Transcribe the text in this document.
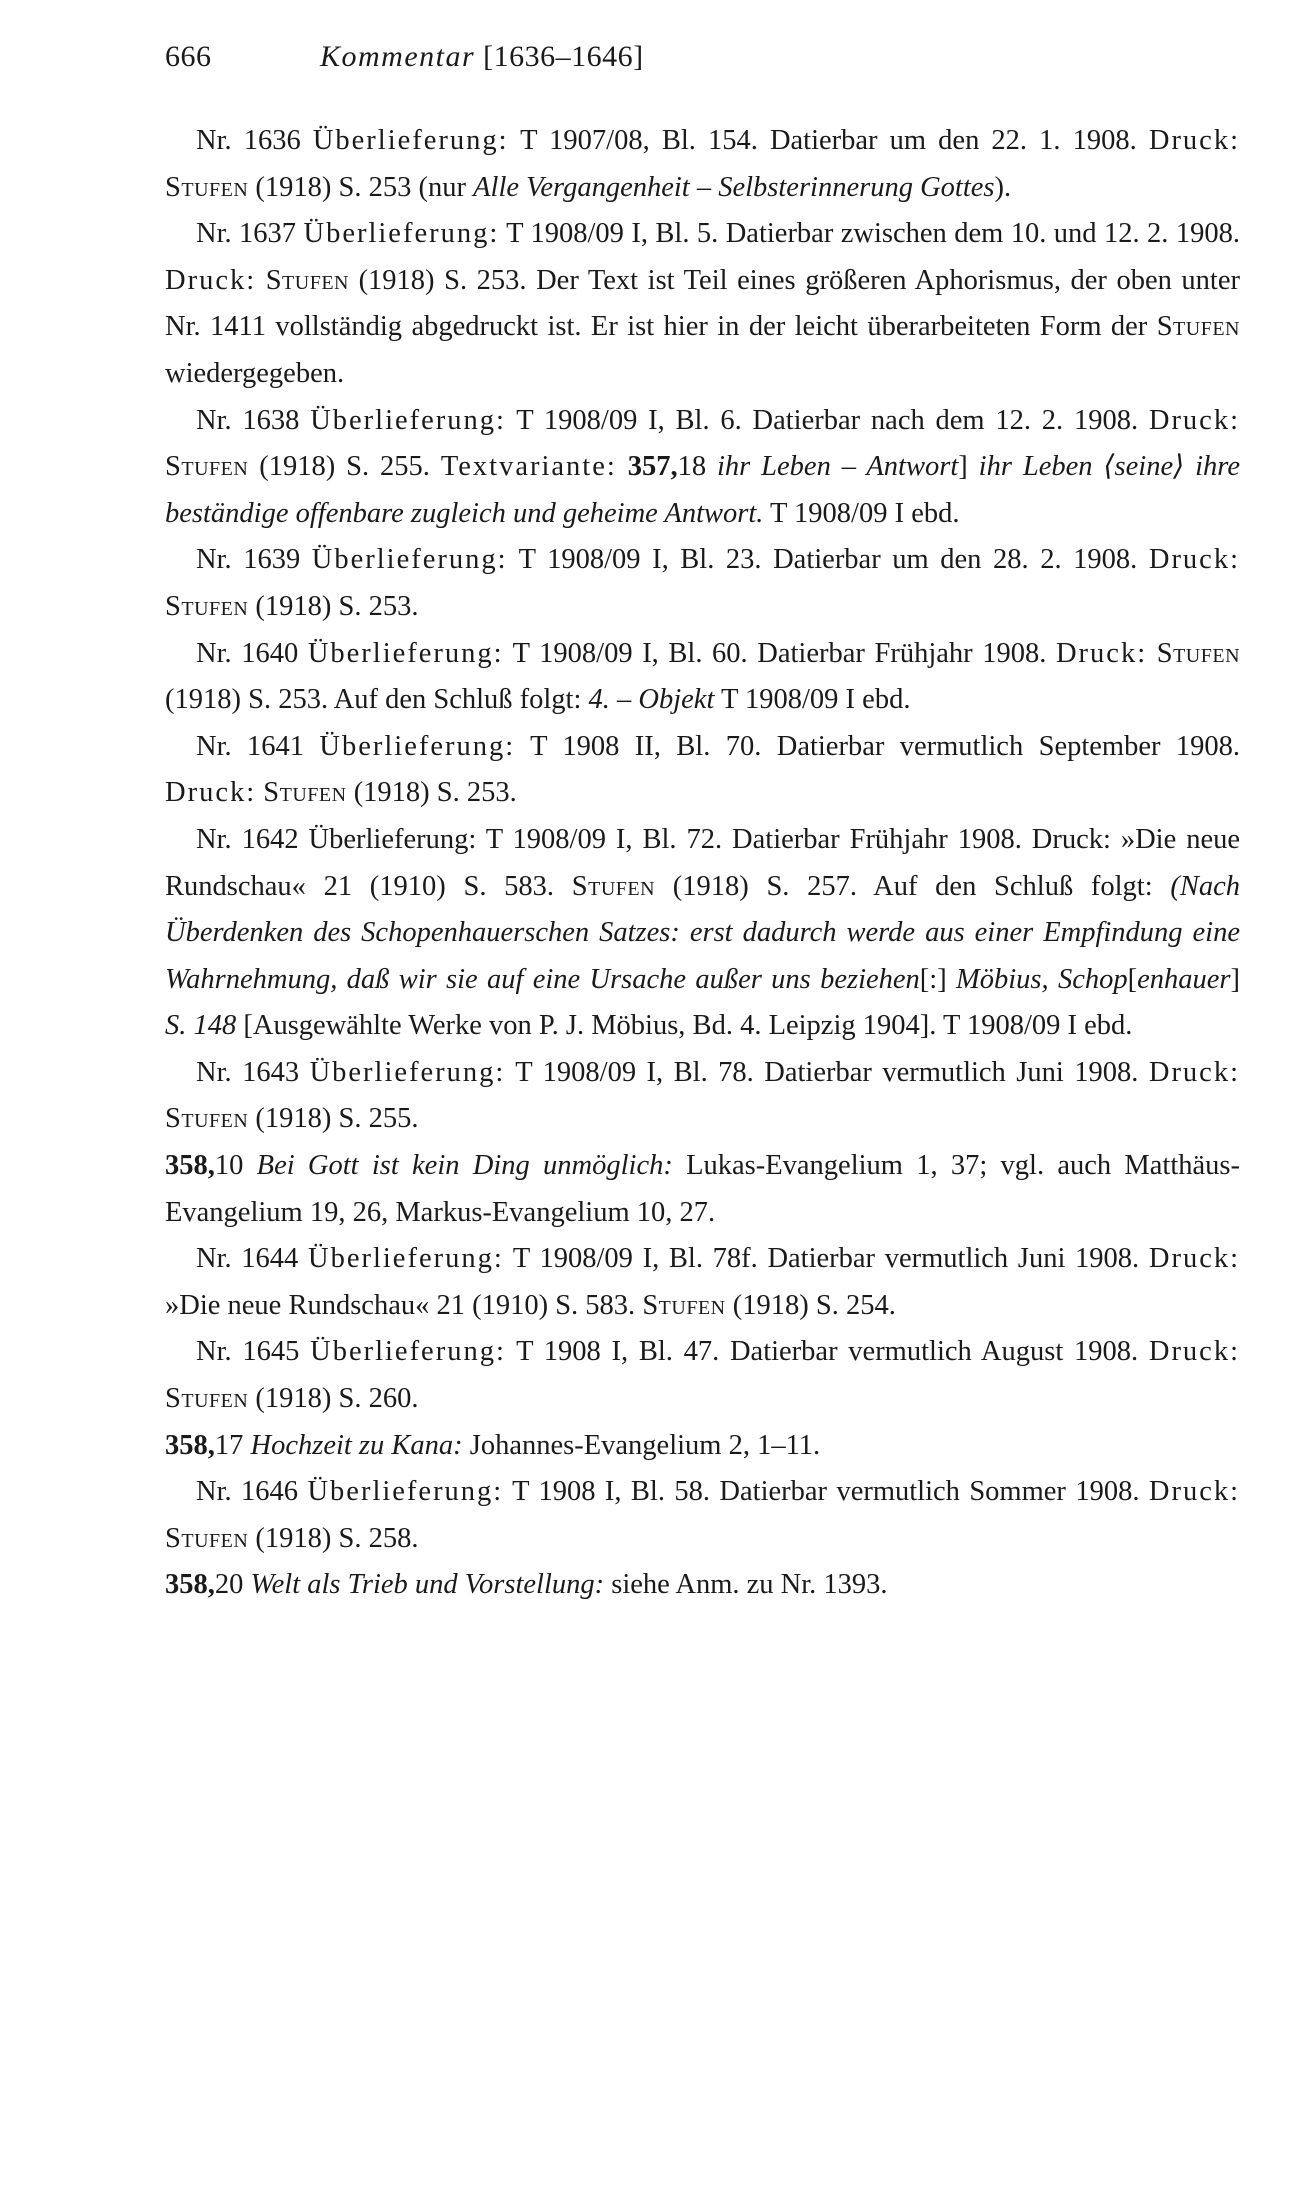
666	Kommentar [1636–1646]

Nr. 1636 Überlieferung: T 1907/08, Bl. 154. Datierbar um den 22. 1. 1908. Druck: Stufen (1918) S. 253 (nur Alle Vergangenheit – Selbsterinnerung Gottes).

Nr. 1637 Überlieferung: T 1908/09 I, Bl. 5. Datierbar zwischen dem 10. und 12. 2. 1908. Druck: Stufen (1918) S. 253. Der Text ist Teil eines größeren Aphorismus, der oben unter Nr. 1411 vollständig abgedruckt ist. Er ist hier in der leicht überarbeiteten Form der Stufen wiedergegeben.

Nr. 1638 Überlieferung: T 1908/09 I, Bl. 6. Datierbar nach dem 12. 2. 1908. Druck: Stufen (1918) S. 255. Textvariante: 357,18 ihr Leben – Antwort] ihr Leben ⟨seine⟩ ihre beständige offenbare zugleich und geheime Antwort. T 1908/09 I ebd.

Nr. 1639 Überlieferung: T 1908/09 I, Bl. 23. Datierbar um den 28. 2. 1908. Druck: Stufen (1918) S. 253.

Nr. 1640 Überlieferung: T 1908/09 I, Bl. 60. Datierbar Frühjahr 1908. Druck: Stufen (1918) S. 253. Auf den Schluß folgt: 4. – Objekt T 1908/09 I ebd.

Nr. 1641 Überlieferung: T 1908 II, Bl. 70. Datierbar vermutlich September 1908. Druck: Stufen (1918) S. 253.

Nr. 1642 Überlieferung: T 1908/09 I, Bl. 72. Datierbar Frühjahr 1908. Druck: »Die neue Rundschau« 21 (1910) S. 583. Stufen (1918) S. 257. Auf den Schluß folgt: (Nach Überdenken des Schopenhauerschen Satzes: erst dadurch werde aus einer Empfindung eine Wahrnehmung, daß wir sie auf eine Ursache außer uns beziehen[:] Möbius, Schop[enhauer] S. 148 [Ausgewählte Werke von P. J. Möbius, Bd. 4. Leipzig 1904]. T 1908/09 I ebd.

Nr. 1643 Überlieferung: T 1908/09 I, Bl. 78. Datierbar vermutlich Juni 1908. Druck: Stufen (1918) S. 255.

358,10 Bei Gott ist kein Ding unmöglich: Lukas-Evangelium 1, 37; vgl. auch Matthäus-Evangelium 19, 26, Markus-Evangelium 10, 27.

Nr. 1644 Überlieferung: T 1908/09 I, Bl. 78f. Datierbar vermutlich Juni 1908. Druck: »Die neue Rundschau« 21 (1910) S. 583. Stufen (1918) S. 254.

Nr. 1645 Überlieferung: T 1908 I, Bl. 47. Datierbar vermutlich August 1908. Druck: Stufen (1918) S. 260.

358,17 Hochzeit zu Kana: Johannes-Evangelium 2, 1–11.

Nr. 1646 Überlieferung: T 1908 I, Bl. 58. Datierbar vermutlich Sommer 1908. Druck: Stufen (1918) S. 258.

358,20 Welt als Trieb und Vorstellung: siehe Anm. zu Nr. 1393.
